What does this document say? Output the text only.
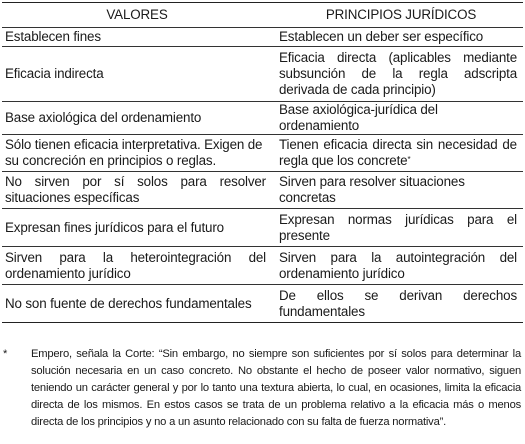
VALORES	PRINCIPIOS JURÍDICOS
Establecen fines	Establecen un deber ser específico
Eficacia indirecta	Eficacia directa (aplicables mediante subsunción de la regla adscripta derivada de cada principio)
Base axiológica del ordenamiento	Base axiológica-jurídica del ordenamiento
Sólo tienen eficacia interpretativa. Exigen de su concreción en principios o reglas.	Tienen eficacia directa sin necesidad de regla que los concrete*
No sirven por sí solos para resolver situaciones específicas	Sirven para resolver situaciones concretas
Expresan fines jurídicos para el futuro	Expresan normas jurídicas para el presente
Sirven para la heterointegración del ordenamiento jurídico	Sirven para la autointegración del ordenamiento jurídico
No son fuente de derechos fundamentales	De ellos se derivan derechos fundamentales
*	Empero, señala la Corte: “Sin embargo, no siempre son suficientes por sí solos para determinar la solución necesaria en un caso concreto. No obstante el hecho de poseer valor normativo, siguen teniendo un carácter general y por lo tanto una textura abierta, lo cual, en ocasiones, limita la eficacia directa de los mismos. En estos casos se trata de un problema relativo a la eficacia más o menos directa de los principios y no a un asunto relacionado con su falta de fuerza normativa”.
